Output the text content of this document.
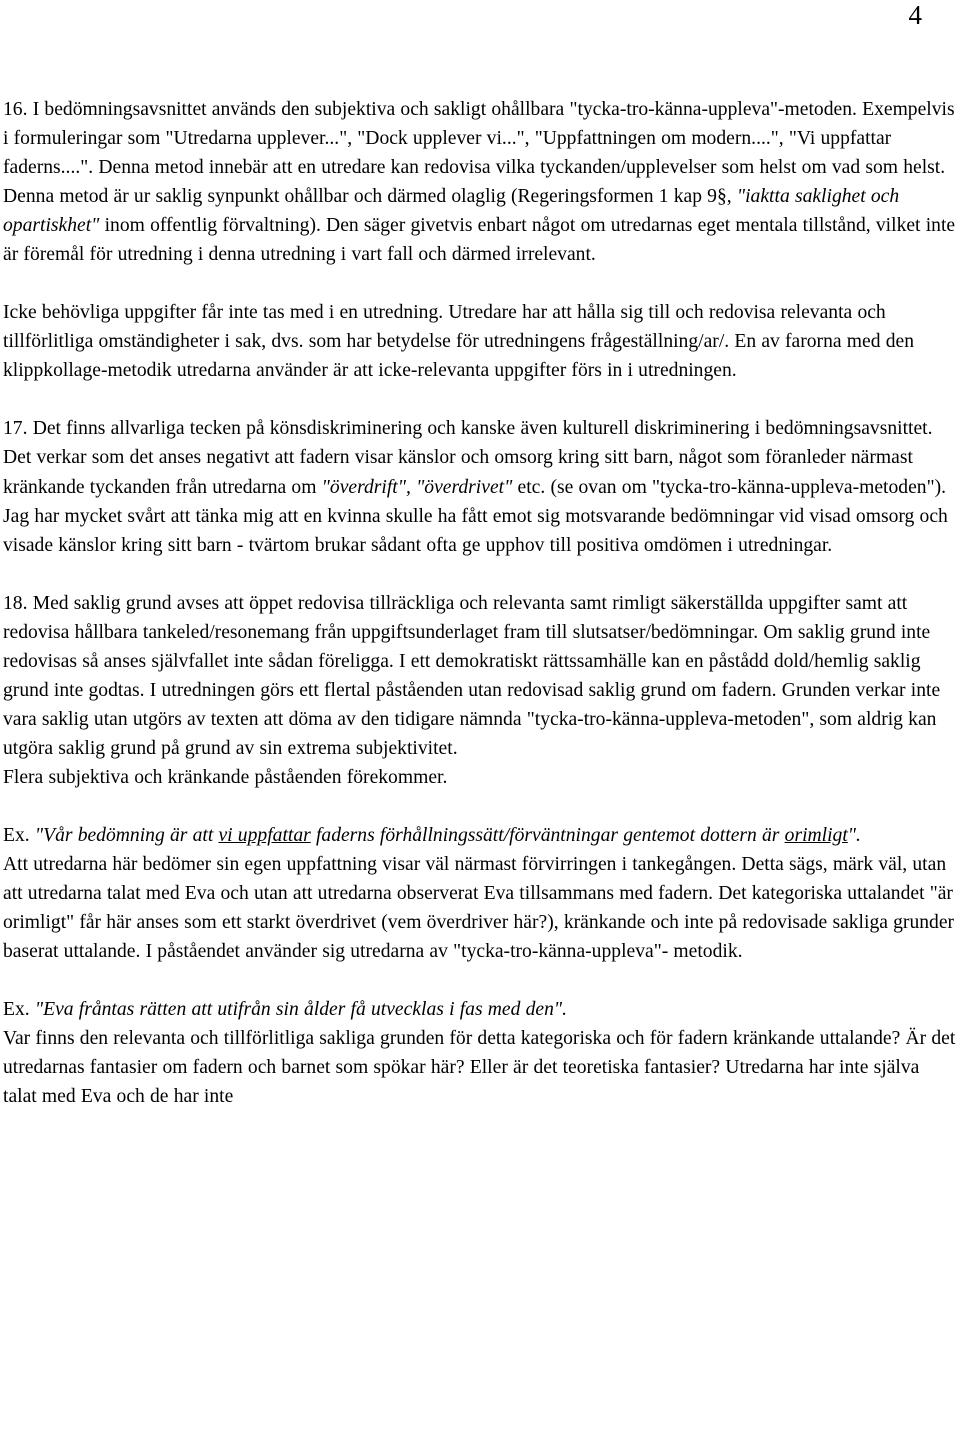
4

16. I bedömningsavsnittet används den subjektiva och sakligt ohållbara "tycka-tro-känna-uppleva"-metoden. Exempelvis i formuleringar som "Utredarna upplever...", "Dock upplever vi...", "Uppfattningen om modern....", "Vi uppfattar faderns....". Denna metod innebär att en utredare kan redovisa vilka tyckanden/upplevelser som helst om vad som helst. Denna metod är ur saklig synpunkt ohållbar och därmed olaglig (Regeringsformen 1 kap 9§, "iaktta saklighet och opartiskhet" inom offentlig förvaltning). Den säger givetvis enbart något om utredarnas eget mentala tillstånd, vilket inte är föremål för utredning i denna utredning i vart fall och därmed irrelevant.

Icke behövliga uppgifter får inte tas med i en utredning. Utredare har att hålla sig till och redovisa relevanta och tillförlitliga omständigheter i sak, dvs. som har betydelse för utredningens frågeställning/ar/. En av farorna med den klippkollage-metodik utredarna använder är att icke-relevanta uppgifter förs in i utredningen.

17. Det finns allvarliga tecken på könsdiskriminering och kanske även kulturell diskriminering i bedömningsavsnittet. Det verkar som det anses negativt att fadern visar känslor och omsorg kring sitt barn, något som föranleder närmast kränkande tyckanden från utredarna om "överdrift", "överdrivet" etc. (se ovan om "tycka-tro-känna-uppleva-metoden"). Jag har mycket svårt att tänka mig att en kvinna skulle ha fått emot sig motsvarande bedömningar vid visad omsorg och visade känslor kring sitt barn - tvärtom brukar sådant ofta ge upphov till positiva omdömen i utredningar.

18. Med saklig grund avses att öppet redovisa tillräckliga och relevanta samt rimligt säkerställda uppgifter samt att redovisa hållbara tankeled/resonemang från uppgiftsunderlaget fram till slutsatser/bedömningar. Om saklig grund inte redovisas så anses självfallet inte sådan föreligga. I ett demokratiskt rättssamhälle kan en påstådd dold/hemlig saklig grund inte godtas. I utredningen görs ett flertal påståenden utan redovisad saklig grund om fadern. Grunden verkar inte vara saklig utan utgörs av texten att döma av den tidigare nämnda "tycka-tro-känna-uppleva-metoden", som aldrig kan utgöra saklig grund på grund av sin extrema subjektivitet.

Flera subjektiva och kränkande påståenden förekommer.

Ex. "Vår bedömning är att vi uppfattar faderns förhållningssätt/förväntningar gentemot dottern är orimligt".
Att utredarna här bedömer sin egen uppfattning visar väl närmast förvirringen i tankegången. Detta sägs, märk väl, utan att utredarna talat med Eva och utan att utredarna observerat Eva tillsammans med fadern. Det kategoriska uttalandet "är orimligt" får här anses som ett starkt överdrivet (vem överdriver här?), kränkande och inte på redovisade sakliga grunder baserat uttalande. I påståendet använder sig utredarna av "tycka-tro-känna-uppleva"- metodik.

Ex. "Eva fråntas rätten att utifrån sin ålder få utvecklas i fas med den".
Var finns den relevanta och tillförlitliga sakliga grunden för detta kategoriska och för fadern kränkande uttalande? Är det utredarnas fantasier om fadern och barnet som spökar här? Eller är det teoretiska fantasier? Utredarna har inte själva talat med Eva och de har inte
